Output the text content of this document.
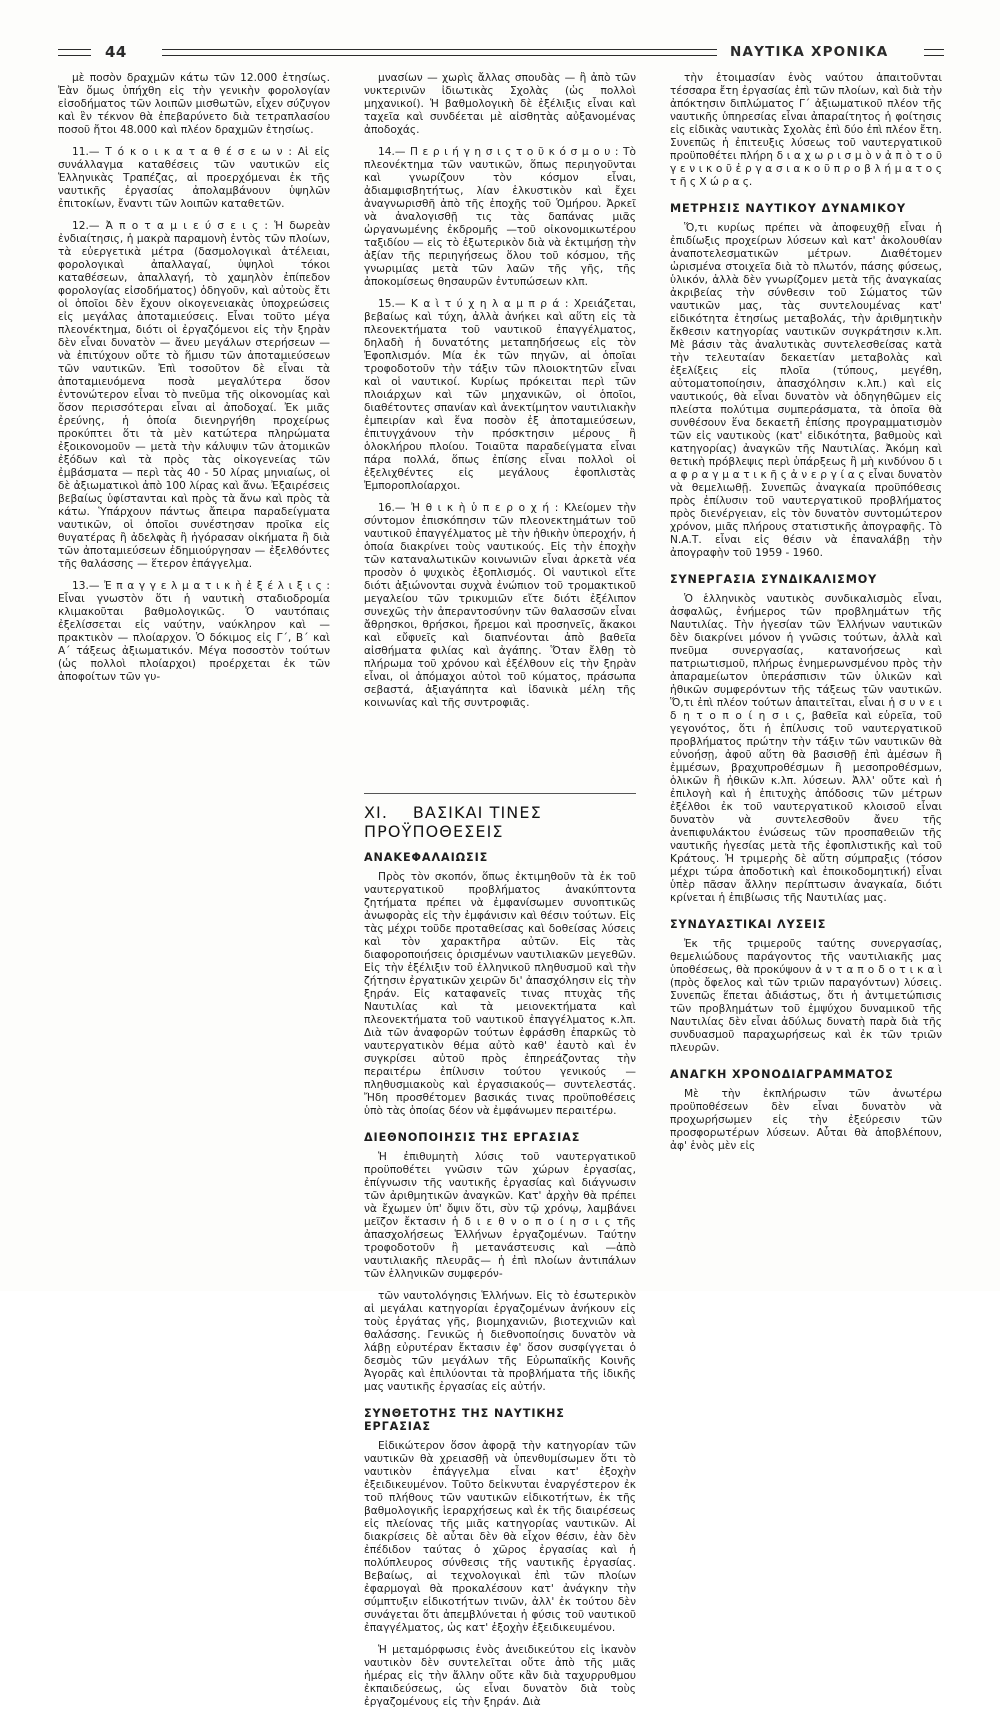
44	ΝΑΥΤΙΚΑ ΧΡΟΝΙΚΑ

μὲ ποσὸν δραχμῶν κάτω τῶν 12.000 ἐτησίως. Ἐὰν ὅμως ὑπήχθη εἰς τὴν γενικὴν φορολογίαν εἰσοδήματος τῶν λοιπῶν μισθωτῶν, εἶχεν σύζυγον καὶ ἓν τέκνον θὰ ἐπεβαρύνετο διὰ τετραπλασίου ποσοῦ ἤτοι 48.000 καὶ πλέον δραχμῶν ἐτησίως.

11.— Τ ό κ ο ι κ α τ α θ έ σ ε ω ν : Αἱ εἰς συνάλλαγμα καταθέσεις τῶν ναυτικῶν εἰς Ἑλληνικὰς Τραπέζας, αἱ προερχόμεναι ἐκ τῆς ναυτικῆς ἐργασίας ἀπολαμβάνουν ὑψηλῶν ἐπιτοκίων, ἔναντι τῶν λοιπῶν καταθετῶν.

12.— Ἀ π ο τ α μ ι ε ύ σ ε ι ς : Ἡ δωρεὰν ἐνδιαίτησις, ἡ μακρὰ παραμονὴ ἐντὸς τῶν πλοίων, τὰ εὐεργετικὰ μέτρα (δασμολογικαὶ ἀτέλειαι, φορολογικαὶ ἀπαλλαγαί, ὑψηλοὶ τόκοι καταθέσεων, ἀπαλλαγή, τὸ χαμηλὸν ἐπίπεδον φορολογίας εἰσοδήματος) ὁδηγοῦν, καὶ αὐτοὺς ἔτι οἱ ὁποῖοι δὲν ἔχουν οἰκογενειακὰς ὑποχρεώσεις εἰς μεγάλας ἀποταμιεύσεις. Εἶναι τοῦτο μέγα πλεονέκτημα, διότι οἱ ἐργαζόμενοι εἰς τὴν ξηρὰν δὲν εἶναι δυνατὸν — ἄνευ μεγάλων στερήσεων — νὰ ἐπιτύχουν οὔτε τὸ ἥμισυ τῶν ἀποταμιεύσεων τῶν ναυτικῶν. Ἐπὶ τοσοῦτον δὲ εἶναι τὰ ἀποταμιευόμενα ποσὰ μεγαλύτερα ὅσον ἐντονώτερον εἶναι τὸ πνεῦμα τῆς οἰκονομίας καὶ ὅσον περισσότεραι εἶναι αἱ ἀποδοχαί. Ἐκ μιᾶς ἐρεύνης, ἡ ὁποία διενηργήθη προχείρως προκύπτει ὅτι τὰ μὲν κατώτερα πληρώματα ἐξοικονομοῦν — μετὰ τὴν κάλυψιν τῶν ἀτομικῶν ἐξόδων καὶ τὰ πρὸς τὰς οἰκογενείας τῶν ἐμβάσματα — περὶ τὰς 40 - 50 λίρας μηνιαίως, οἱ δὲ ἀξιωματικοὶ ἀπὸ 100 λίρας καὶ ἄνω. Ἐξαιρέσεις βεβαίως ὑφίστανται καὶ πρὸς τὰ ἄνω καὶ πρὸς τὰ κάτω. Ὑπάρχουν πάντως ἄπειρα παραδείγματα ναυτικῶν, οἱ ὁποῖοι συνέστησαν προῖκα εἰς θυγατέρας ἢ ἀδελφὰς ἢ ἠγόρασαν οἰκήματα ἢ διὰ τῶν ἀποταμιεύσεων ἐδημιούργησαν — ἐξελθόντες τῆς θαλάσσης — ἕτερον ἐπάγγελμα.

13.— Ἐ π α γ γ ε λ μ α τ ι κ ὴ ἐ ξ έ λ ι ξ ι ς : Εἶναι γνωστὸν ὅτι ἡ ναυτικὴ σταδιοδρομία κλιμακοῦται βαθμολογικῶς. Ὁ ναυτόπαις ἐξελίσσεται εἰς ναύτην, ναύκληρον καὶ — πρακτικὸν — πλοίαρχον. Ὁ δόκιμος εἰς Γ΄, Β΄ καὶ Α΄ τάξεως ἀξιωματικόν. Μέγα ποσοστὸν τούτων (ὡς πολλοὶ πλοίαρχοι) προέρχεται ἐκ τῶν ἀποφοίτων τῶν γυ-

μνασίων — χωρὶς ἄλλας σπουδὰς — ἢ ἀπὸ τῶν νυκτερινῶν ἰδιωτικὰς Σχολὰς (ὡς πολλοὶ μηχανικοί). Ἡ βαθμολογικὴ δὲ ἐξέλιξις εἶναι καὶ ταχεῖα καὶ συνδέεται μὲ αἰσθητὰς αὐξανομένας ἀποδοχάς.

14.— Π ε ρ ι ή γ η σ ι ς τ ο ῦ κ ό σ μ ο υ : Τὸ πλεονέκτημα τῶν ναυτικῶν, ὅπως περιηγοῦνται καὶ γνωρίζουν τὸν κόσμον εἶναι, ἀδιαμφισβητήτως, λίαν ἑλκυστικὸν καὶ ἔχει ἀναγνωρισθῆ ἀπὸ τῆς ἐποχῆς τοῦ Ὁμήρου. Ἀρκεῖ νὰ ἀναλογισθῇ τις τὰς δαπάνας μιᾶς ὠργανωμένης ἐκδρομῆς —τοῦ οἰκονομικωτέρου ταξιδίου — εἰς τὸ ἐξωτερικὸν διὰ νὰ ἐκτιμήσῃ τὴν ἀξίαν τῆς περιηγήσεως ὅλου τοῦ κόσμου, τῆς γνωριμίας μετὰ τῶν λαῶν τῆς γῆς, τῆς ἀποκομίσεως θησαυρῶν ἐντυπώσεων κλπ.

15.— Κ α ὶ τ ύ χ η λ α μ π ρ ά : Χρειάζεται, βεβαίως καὶ τύχη, ἀλλὰ ἀνήκει καὶ αὕτη εἰς τὰ πλεονεκτήματα τοῦ ναυτικοῦ ἐπαγγέλματος, δηλαδὴ ἡ δυνατότης μεταπηδήσεως εἰς τὸν Ἐφοπλισμόν. Μία ἐκ τῶν πηγῶν, αἱ ὁποῖαι τροφοδοτοῦν τὴν τάξιν τῶν πλοιοκτητῶν εἶναι καὶ οἱ ναυτικοί. Κυρίως πρόκειται περὶ τῶν πλοιάρχων καὶ τῶν μηχανικῶν, οἱ ὁποῖοι, διαθέτοντες σπανίαν καὶ ἀνεκτίμητον ναυτιλιακὴν ἐμπειρίαν καὶ ἕνα ποσὸν ἐξ ἀποταμιεύσεων, ἐπιτυγχάνουν τὴν πρόσκτησιν μέρους ἢ ὁλοκλήρου πλοίου. Τοιαῦτα παραδείγματα εἶναι πάρα πολλά, ὅπως ἐπίσης εἶναι πολλοὶ οἱ ἐξελιχθέντες εἰς μεγάλους ἐφοπλιστὰς Ἐμποροπλοίαρχοι.

16.— Ἠ θ ι κ ὴ ὑ π ε ρ ο χ ή : Κλείομεν τὴν σύντομον ἐπισκόπησιν τῶν πλεονεκτημάτων τοῦ ναυτικοῦ ἐπαγγέλματος μὲ τὴν ἠθικὴν ὑπεροχήν, ἡ ὁποία διακρίνει τοὺς ναυτικούς. Εἰς τὴν ἐποχὴν τῶν καταναλωτικῶν κοινωνιῶν εἶναι ἀρκετὰ νέα προσὸν ὁ ψυχικὸς ἐξοπλισμός. Οἱ ναυτικοὶ εἴτε διότι ἀξιώνονται συχνὰ ἐνώπιον τοῦ τρομακτικοῦ μεγαλείου τῶν τρικυμιῶν εἴτε διότι ἐξέλιπον συνεχῶς τὴν ἀπεραντοσύνην τῶν θαλασσῶν εἶναι ἄθρησκοι, θρήσκοι, ἤρεμοι καὶ προσηνεῖς, ἄκακοι καὶ εὔφυεῖς καὶ διαπνέονται ἀπὸ βαθεῖα αἰσθήματα φιλίας καὶ ἀγάπης. Ὅταν ἔλθῃ τὸ πλήρωμα τοῦ χρόνου καὶ ἐξέλθουν εἰς τὴν ξηρὰν εἶναι, οἱ ἀπόμαχοι αὐτοὶ τοῦ κύματος, πράσωπα σεβαστά, ἀξιαγάπητα καὶ ἰδανικὰ μέλη τῆς κοινωνίας καὶ τῆς συντροφιᾶς.

XI. ΒΑΣΙΚΑΙ ΤΙΝΕΣ ΠΡΟΫΠΟΘΕΣΕΙΣ
ΑΝΑΚΕΦΑΛΑΙΩΣΙΣ

Πρὸς τὸν σκοπόν, ὅπως ἐκτιμηθοῦν τὰ ἐκ τοῦ ναυτεργατικοῦ προβλήματος ἀνακύπτοντα ζητήματα πρέπει νὰ ἐμφανίσωμεν συνοπτικῶς ἀνωφορὰς εἰς τὴν ἐμφάνισιν καὶ θέσιν τούτων. Εἰς τὰς μέχρι τοῦδε προταθείσας καὶ δοθείσας λύσεις καὶ τὸν χαρακτῆρα αὐτῶν. Εἰς τὰς διαφοροποιήσεις ὁρισμένων ναυτιλιακῶν μεγεθῶν. Εἰς τὴν ἐξέλιξιν τοῦ ἑλληνικοῦ πληθυσμοῦ καὶ τὴν ζήτησιν ἐργατικῶν χειρῶν δι' ἀπασχόλησιν εἰς τὴν ξηράν. Εἰς καταφανεῖς τινας πτυχὰς τῆς Ναυτιλίας καὶ τὰ μειονεκτήματα καὶ πλεονεκτήματα τοῦ ναυτικοῦ ἐπαγγέλματος κ.λπ. Διὰ τῶν ἀναφορῶν τούτων ἐφράσθη ἐπαρκῶς τὸ ναυτεργατικὸν θέμα αὐτὸ καθ' ἑαυτὸ καὶ ἐν συγκρίσει αὐτοῦ πρὸς ἐπηρεάζοντας τὴν περαιτέρω ἐπίλυσιν τούτου γενικούς —πληθυσμιακοὺς καὶ ἐργασιακούς— συντελεστάς. Ἤδη προσθέτομεν βασικάς τινας προϋποθέσεις ὑπὸ τὰς ὁποίας δέον νὰ ἐμφάνωμεν περαιτέρω.

ΔΙΕΘΝΟΠΟΙΗΣΙΣ ΤΗΣ ΕΡΓΑΣΙΑΣ

Ἡ ἐπιθυμητὴ λύσις τοῦ ναυτεργατικοῦ προϋποθέτει γνῶσιν τῶν χώρων ἐργασίας, ἐπίγνωσιν τῆς ναυτικῆς ἐργασίας καὶ διάγνωσιν τῶν ἀριθμητικῶν ἀναγκῶν. Κατ' ἀρχὴν θὰ πρέπει νὰ ἔχωμεν ὑπ' ὄψιν ὅτι, σὺν τῷ χρόνῳ, λαμβάνει μεῖζον ἔκτασιν ἡ δ ι ε θ ν ο π ο ί η σ ι ς τῆς ἀπασχολήσεως Ἑλλήνων ἐργαζομένων. Ταύτην τροφοδοτοῦν ἢ μετανάστευσις καὶ —ἀπὸ ναυτιλιακῆς πλευρᾶς— ἡ ἐπὶ πλοίων ἀντιπάλων τῶν ἑλληνικῶν συμφερόν-

τῶν ναυτολόγησις Ἑλλήνων. Εἰς τὸ ἐσωτερικὸν αἱ μεγάλαι κατηγορίαι ἐργαζομένων ἀνήκουν εἰς τοὺς ἐργάτας γῆς, βιομηχανιῶν, βιοτεχνιῶν καὶ θαλάσσης. Γενικῶς ἡ διεθνοποίησις δυνατὸν νὰ λάβῃ εὐρυτέραν ἔκτασιν ἐφ' ὅσον συσφίγγεται ὁ δεσμὸς τῶν μεγάλων τῆς Εὐρωπαϊκῆς Κοινῆς Ἀγορᾶς καὶ ἐπιλύονται τὰ προβλήματα τῆς ἰδικῆς μας ναυτικῆς ἐργασίας εἰς αὐτήν.

ΣΥΝΘΕΤΟΤΗΣ ΤΗΣ ΝΑΥΤΙΚΗΣ ΕΡΓΑΣΙΑΣ

Εἰδικώτερον ὅσον ἀφορᾷ τὴν κατηγορίαν τῶν ναυτικῶν θὰ χρειασθῇ νὰ ὑπενθυμίσωμεν ὅτι τὸ ναυτικὸν ἐπάγγελμα εἶναι κατ' ἐξοχὴν ἐξειδικευμένον. Τοῦτο δεἰκνυται ἐναργέστερον ἐκ τοῦ πλήθους τῶν ναυτικῶν εἰδικοτήτων, ἐκ τῆς βαθμολογικῆς ἱεραρχήσεως καὶ ἐκ τῆς διαιρέσεως εἰς πλείονας τῆς μιᾶς κατηγορίας ναυτικῶν. Αἱ διακρίσεις δὲ αὗται δὲν θὰ εἶχον θέσιν, ἐὰν δὲν ἐπέδιδον ταύτας ὁ χῶρος ἐργασίας καὶ ἡ πολύπλευρος σύνθεσις τῆς ναυτικῆς ἐργασίας. Βεβαίως, αἱ τεχνολογικαὶ ἐπὶ τῶν πλοίων ἐφαρμογαὶ θὰ προκαλέσουν κατ' ἀνάγκην τὴν σύμπτυξιν εἰδικοτήτων τινῶν, ἀλλ' ἐκ τούτου δὲν συνάγεται ὅτι ἀπεμβλύνεται ἡ φύσις τοῦ ναυτικοῦ ἐπαγγέλματος, ὡς κατ' ἐξοχὴν ἐξειδικευμένου.

Ἡ μεταμόρφωσις ἑνὸς ἀνειδικεύτου εἰς ἱκανὸν ναυτικὸν δὲν συντελεῖται οὔτε ἀπὸ τῆς μιᾶς ἡμέρας εἰς τὴν ἄλλην οὔτε κἂν διὰ ταχυρρυθμου ἐκπαιδεύσεως, ὡς εἶναι δυνατὸν διὰ τοὺς ἐργαζομένους εἰς τὴν ξηράν. Διὰ

τὴν ἑτοιμασίαν ἑνὸς ναύτου ἀπαιτοῦνται τέσσαρα ἔτη ἐργασίας ἐπὶ τῶν πλοίων, καὶ διὰ τὴν ἀπόκτησιν διπλώματος Γ΄ ἀξιωματικοῦ πλέον τῆς ναυτικῆς ὑπηρεσίας εἶναι ἀπαραίτητος ἡ φοίτησις εἰς εἰδικὰς ναυτικὰς Σχολὰς ἐπὶ δύο ἐπὶ πλέον ἔτη. Συνεπῶς ἡ ἐπιτευξις λύσεως τοῦ ναυτεργατικοῦ προϋποθέτει πλήρη δ ι α χ ω ρ ι σ μ ὸ ν ἀ π ὸ τ ο ῦ γ ε ν ι κ ο ῦ ἐ ρ γ α σ ι α κ ο ῦ π ρ ο β λ ή μ α τ ο ς τ ῆ ς Χ ώ ρ α ς.

ΜΕΤΡΗΣΙΣ ΝΑΥΤΙΚΟΥ ΔΥΝΑΜΙΚΟΥ

Ὅ,τι κυρίως πρέπει νὰ ἀποφευχθῇ εἶναι ἡ ἐπιδίωξις προχείρων λύσεων καὶ κατ' ἀκολουθίαν ἀναποτελεσματικῶν μέτρων. Διαθέτομεν ὡρισμένα στοιχεῖα διὰ τὸ πλωτόν, πάσης φύσεως, ὑλικόν, ἀλλὰ δὲν γνωρίζομεν μετὰ τῆς ἀναγκαίας ἀκριβείας τὴν σύνθεσιν τοῦ Σώματος τῶν ναυτικῶν μας, τὰς συντελουμένας κατ' εἰδικότητα ἐτησίως μεταβολάς, τὴν ἀριθμητικὴν ἔκθεσιν κατηγορίας ναυτικῶν συγκράτησιν κ.λπ. Μὲ βάσιν τὰς ἀναλυτικὰς συντελεσθείσας κατὰ τὴν τελευταίαν δεκαετίαν μεταβολὰς καὶ ἐξελίξεις εἰς πλοῖα (τύπους, μεγέθη, αὐτοματοποίησιν, ἀπασχόλησιν κ.λπ.) καὶ εἰς ναυτικούς, θὰ εἶναι δυνατὸν νὰ ὁδηγηθῶμεν εἰς πλείστα πολύτιμα συμπεράσματα, τὰ ὁποῖα θὰ συνθέσουν ἕνα δεκαετῆ ἐπίσης προγραμματισμὸν τῶν εἰς ναυτικοὺς (κατ' εἰδικότητα, βαθμοὺς καὶ κατηγορίας) ἀναγκῶν τῆς Ναυτιλίας. Ἀκόμη καὶ θετικὴ πρόβλεψις περὶ ὑπάρξεως ἢ μὴ κινδύνου δ ι α φ ρ α γ μ α τ ι κ ῆ ς ἀ ν ε ρ γ ί α ς εἶναι δυνατὸν νὰ θεμελιωθῇ. Συνεπῶς ἀναγκαία προϋπόθεσις πρὸς ἐπίλυσιν τοῦ ναυτεργατικοῦ προβλήματος πρὸς διενέργειαν, εἰς τὸν δυνατὸν συντομώτερον χρόνον, μιᾶς πλήρους στατιστικῆς ἀπογραφῆς. Τὸ Ν.Α.Τ. εἶναι εἰς θέσιν νὰ ἐπαναλάβῃ τὴν ἀπογραφὴν τοῦ 1959 - 1960.

ΣΥΝΕΡΓΑΣΙΑ ΣΥΝΔΙΚΑΛΙΣΜΟΥ

Ὁ ἑλληνικὸς ναυτικὸς συνδικαλισμὸς εἶναι, ἀσφαλῶς, ἐνήμερος τῶν προβλημάτων τῆς Ναυτιλίας. Τὴν ἡγεσίαν τῶν Ἑλλήνων ναυτικῶν δὲν διακρίνει μόνον ἡ γνῶσις τούτων, ἀλλὰ καὶ πνεῦμα συνεργασίας, κατανοήσεως καὶ πατριωτισμοῦ, πλήρως ἐνημερωνσμένου πρὸς τὴν ἀπαραμείωτον ὑπεράσπισιν τῶν ὑλικῶν καὶ ἠθικῶν συμφερόντων τῆς τάξεως τῶν ναυτικῶν. Ὅ,τι ἐπὶ πλέον τούτων ἀπαιτεῖται, εἶναι ἡ σ υ ν ε ι δ η τ ο π ο ί η σ ι ς, βαθεῖα καὶ εὑρεῖα, τοῦ γεγονότος, ὅτι ἡ ἐπίλυσις τοῦ ναυτεργατικοῦ προβλήματος πρώτην τὴν τάξιν τῶν ναυτικῶν θὰ εὐνοήσῃ, ἀφοῦ αὕτη θὰ βασισθῇ ἐπὶ ἀμέσων ἢ ἐμμέσων, βραχυπροθέσμων ἢ μεσοπροθέσμων, ὁλικῶν ἢ ἠθικῶν κ.λπ. λύσεων. Ἀλλ' οὔτε καὶ ἡ ἐπιλογὴ καὶ ἡ ἐπιτυχὴς ἀπόδοσις τῶν μέτρων ἐξέλθοι ἐκ τοῦ ναυτεργατικοῦ κλοισοῦ εἶναι δυνατὸν νὰ συντελεσθοῦν ἄνευ τῆς ἀνεπιφυλάκτου ἐνώσεως τῶν προσπαθειῶν τῆς ναυτικῆς ἡγεσίας μετὰ τῆς ἐφοπλιστικῆς καὶ τοῦ Κράτους. Ἡ τριμερὴς δὲ αὕτη σύμπραξις (τόσον μέχρι τώρα ἀποδοτικὴ καὶ ἐποικοδομητική) εἶναι ὑπὲρ πᾶσαν ἄλλην περίπτωσιν ἀναγκαία, διότι κρίνεται ἡ ἐπιβίωσις τῆς Ναυτιλίας μας.

ΣΥΝΔΥΑΣΤΙΚΑΙ ΛΥΣΕΙΣ

Ἐκ τῆς τριμεροῦς ταύτης συνεργασίας, θεμελιώδους παράγοντος τῆς ναυτιλιακῆς μας ὑποθέσεως, θὰ προκύψουν ἀ ν τ α π ο δ ο τ ι κ α ὶ (πρὸς ὄφελος καὶ τῶν τριῶν παραγόντων) λύσεις. Συνεπῶς ἕπεται ἀδιάστως, ὅτι ἡ ἀντιμετώπισις τῶν προβλημάτων τοῦ ἐμψύχου δυναμικοῦ τῆς Ναυτιλίας δὲν εἶναι ἀδύλως δυνατὴ παρὰ διὰ τῆς συνδυασμοῦ παραχωρήσεως καὶ ἐκ τῶν τριῶν πλευρῶν.

ΑΝΑΓΚΗ ΧΡΟΝΟΔΙΑΓΡΑΜΜΑΤΟΣ

Μὲ τὴν ἐκπλήρωσιν τῶν ἀνωτέρω προϋποθέσεων δὲν εἶναι δυνατὸν νὰ προχωρήσωμεν εἰς τὴν ἐξεύρεσιν τῶν προσφορωτέρων λύσεων. Αὗται θὰ ἀποβλέπουν, ἀφ' ἑνὸς μὲν εἰς
